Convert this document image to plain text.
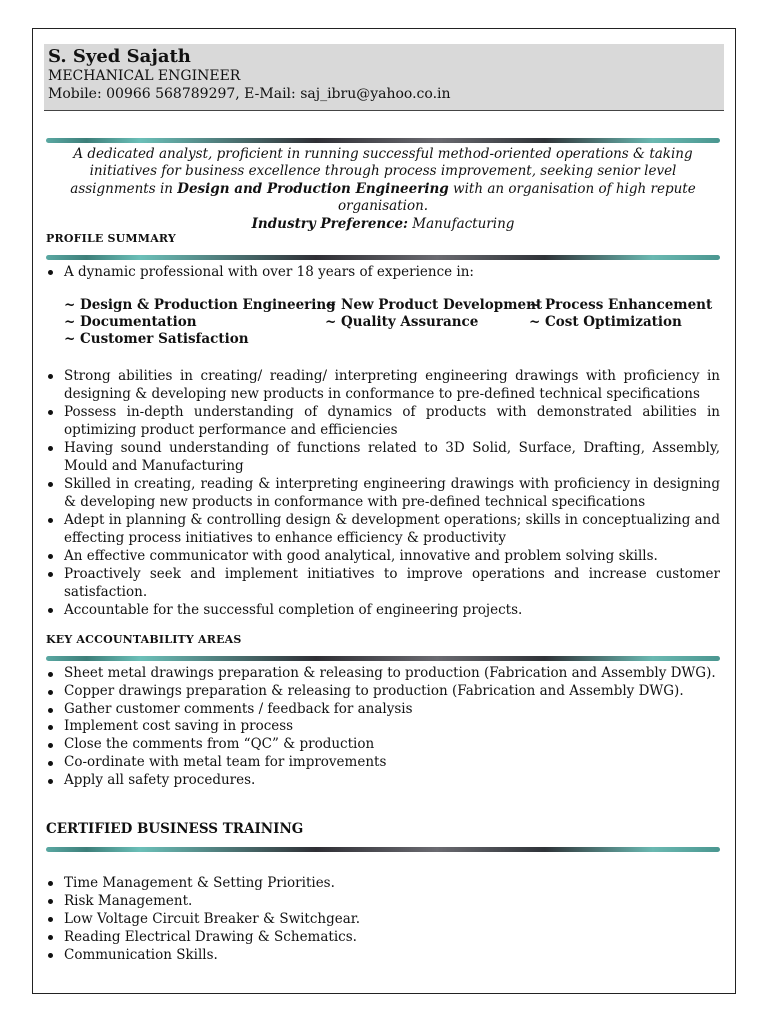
S. Syed Sajath
MECHANICAL ENGINEER
Mobile: 00966 568789297, E-Mail: saj_ibru@yahoo.co.in
A dedicated analyst, proficient in running successful method-oriented operations & taking initiatives for business excellence through process improvement, seeking senior level assignments in Design and Production Engineering with an organisation of high repute organisation.
Industry Preference: Manufacturing
PROFILE SUMMARY
A dynamic professional with over 18 years of experience in:
~ Design & Production Engineering
~ New Product Development
~ Process Enhancement
~ Documentation	~ Quality Assurance	~ Cost Optimization
~ Customer Satisfaction
Strong abilities in creating/ reading/ interpreting engineering drawings with proficiency in designing & developing new products in conformance to pre-defined technical specifications
Possess in-depth understanding of dynamics of products with demonstrated abilities in optimizing product performance and efficiencies
Having sound understanding of functions related to 3D Solid, Surface, Drafting, Assembly, Mould and Manufacturing
Skilled in creating, reading & interpreting engineering drawings with proficiency in designing & developing new products in conformance with pre-defined technical specifications
Adept in planning & controlling design & development operations; skills in conceptualizing and effecting process initiatives to enhance efficiency & productivity
An effective communicator with good analytical, innovative and problem solving skills.
Proactively seek and implement initiatives to improve operations and increase customer satisfaction.
Accountable for the successful completion of engineering projects.
KEY ACCOUNTABILITY AREAS
Sheet metal drawings preparation & releasing to production (Fabrication and Assembly DWG).
Copper drawings preparation & releasing to production (Fabrication and Assembly DWG).
Gather customer comments / feedback for analysis
Implement cost saving in process
Close the comments from “QC” & production
Co-ordinate with metal team for improvements
Apply all safety procedures.
CERTIFIED BUSINESS TRAINING
Time Management & Setting Priorities.
Risk Management.
Low Voltage Circuit Breaker & Switchgear.
Reading Electrical Drawing & Schematics.
Communication Skills.
